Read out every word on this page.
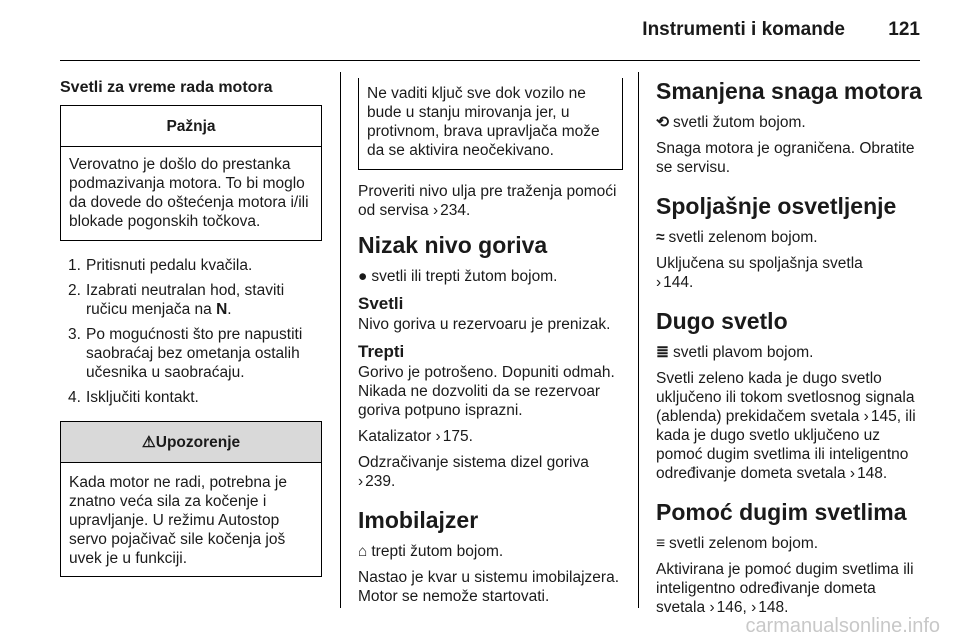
Instrumenti i komande 121
Svetli za vreme rada motora
Pažnja
Verovatno je došlo do prestanka podmazivanja motora. To bi moglo da dovede do oštećenja motora i/ili blokade pogonskih točkova.
1. Pritisnuti pedalu kvačila.
2. Izabrati neutralan hod, staviti ručicu menjača na N.
3. Po mogućnosti što pre napustiti saobraćaj bez ometanja ostalih učesnika u saobraćaju.
4. Isključiti kontakt.
⚠Upozorenje
Kada motor ne radi, potrebna je znatno veća sila za kočenje i upravljanje. U režimu Autostop servo pojačivač sile kočenja još uvek je u funkciji.
Ne vaditi ključ sve dok vozilo ne bude u stanju mirovanja jer, u protivnom, brava upravljača može da se aktivira neočekivano.
Proveriti nivo ulja pre traženja pomoći od servisa › 234.
Nizak nivo goriva
● svetli ili trepti žutom bojom.
Svetli
Nivo goriva u rezervoaru je prenizak.
Trepti
Gorivo je potrošeno. Dopuniti odmah. Nikada ne dozvoliti da se rezervoar goriva potpuno isprazni.
Katalizator › 175.
Odzračivanje sistema dizel goriva
› 239.
Imobilajzer
⌂ trepti žutom bojom.
Nastao je kvar u sistemu imobilajzera. Motor se nemože startovati.
Smanjena snaga motora
⟲ svetli žutom bojom.
Snaga motora je ograničena. Obratite se servisu.
Spoljašnje osvetljenje
≈ svetli zelenom bojom.
Uključena su spoljašnja svetla
› 144.
Dugo svetlo
≣ svetli plavom bojom.
Svetli zeleno kada je dugo svetlo uključeno ili tokom svetlosnog signala (ablenda) prekidačem svetala › 145, ili kada je dugo svetlo uključeno uz pomoć dugim svetlima ili inteligentno određivanje dometa svetala › 148.
Pomoć dugim svetlima
≡ svetli zelenom bojom.
Aktivirana je pomoć dugim svetlima ili inteligentno određivanje dometa svetala › 146, › 148.
carmanualsonline.info
